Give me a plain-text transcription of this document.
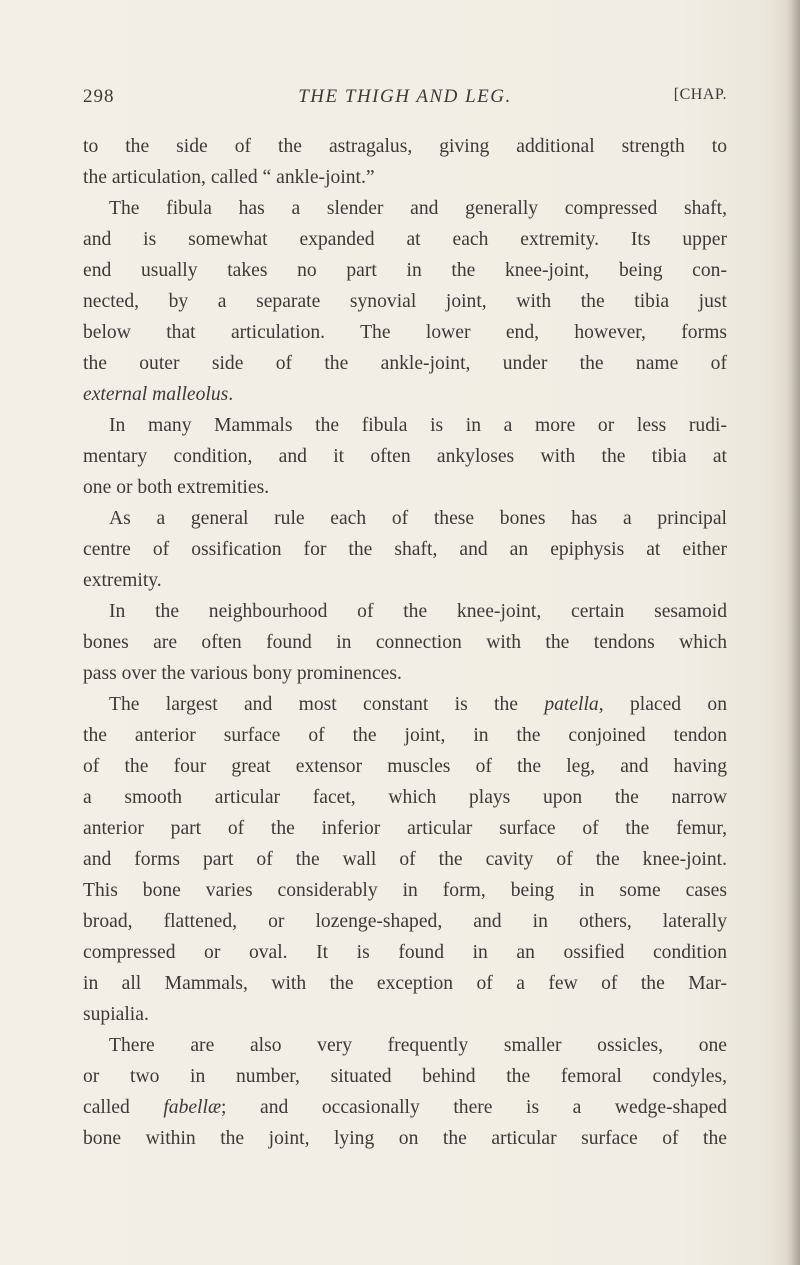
298	THE THIGH AND LEG.	[CHAP.
to the side of the astragalus, giving additional strength to
the articulation, called “ ankle-joint.”
The fibula has a slender and generally compressed shaft,
and is somewhat expanded at each extremity. Its upper
end usually takes no part in the knee-joint, being con-
nected, by a separate synovial joint, with the tibia just
below that articulation. The lower end, however, forms
the outer side of the ankle-joint, under the name of
external malleolus.
In many Mammals the fibula is in a more or less rudi-
mentary condition, and it often ankyloses with the tibia at
one or both extremities.
As a general rule each of these bones has a principal
centre of ossification for the shaft, and an epiphysis at either
extremity.
In the neighbourhood of the knee-joint, certain sesamoid
bones are often found in connection with the tendons which
pass over the various bony prominences.
The largest and most constant is the patella, placed on
the anterior surface of the joint, in the conjoined tendon
of the four great extensor muscles of the leg, and having
a smooth articular facet, which plays upon the narrow
anterior part of the inferior articular surface of the femur,
and forms part of the wall of the cavity of the knee-joint.
This bone varies considerably in form, being in some cases
broad, flattened, or lozenge-shaped, and in others, laterally
compressed or oval. It is found in an ossified condition
in all Mammals, with the exception of a few of the Mar-
supialia.
There are also very frequently smaller ossicles, one
or two in number, situated behind the femoral condyles,
called fabellæ; and occasionally there is a wedge-shaped
bone within the joint, lying on the articular surface of the
